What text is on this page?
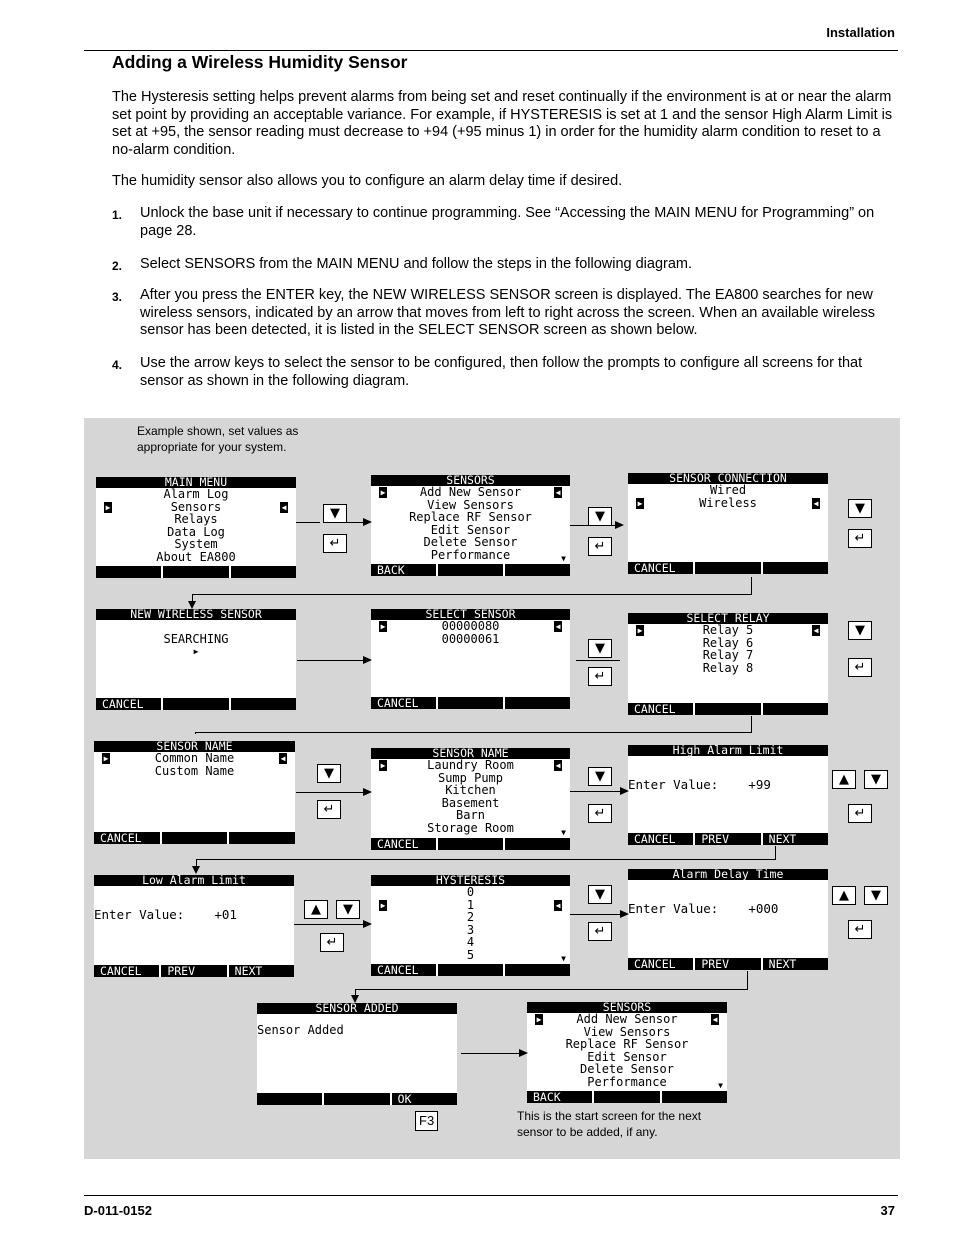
Installation
Adding a Wireless Humidity Sensor
The Hysteresis setting helps prevent alarms from being set and reset continually if the environment is at or near the alarm set point by providing an acceptable variance. For example, if HYSTERESIS is set at 1 and the sensor High Alarm Limit is set at +95, the sensor reading must decrease to +94 (+95 minus 1) in order for the humidity alarm condition to reset to a no-alarm condition.
The humidity sensor also allows you to configure an alarm delay time if desired.
1. Unlock the base unit if necessary to continue programming. See “Accessing the MAIN MENU for Programming” on page 28.
2. Select SENSORS from the MAIN MENU and follow the steps in the following diagram.
3. After you press the ENTER key, the NEW WIRELESS SENSOR screen is displayed. The EA800 searches for new wireless sensors, indicated by an arrow that moves from left to right across the screen. When an available wireless sensor has been detected, it is listed in the SELECT SENSOR screen as shown below.
4. Use the arrow keys to select the sensor to be configured, then follow the prompts to configure all screens for that sensor as shown in the following diagram.
Example shown, set values as
appropriate for your system.
This is the start screen for the next
sensor to be added, if any.
MAIN MENU
Alarm Log
Sensors
Relays
Data Log
System
About EA800
▶	◀
SENSORS
Add New Sensor
View Sensors
Replace RF Sensor
Edit Sensor
Delete Sensor
Performance
▶	◀
▼
BACK
SENSOR CONNECTION
Wired
Wireless
▶	◀
CANCEL
NEW WIRELESS SENSOR
SEARCHING
▸
CANCEL
SELECT SENSOR
00000080
00000061
▶	◀
CANCEL
SELECT RELAY
Relay 5
Relay 6
Relay 7
Relay 8
▶	◀
CANCEL
SENSOR NAME
Common Name
Custom Name
▶	◀
CANCEL
SENSOR NAME
Laundry Room
Sump Pump
Kitchen
Basement
Barn
Storage Room
▶	◀
▼
CANCEL
High Alarm Limit
Enter Value: +99
CANCEL	PREV	NEXT
Low Alarm Limit
Enter Value: +01
CANCEL	PREV	NEXT
HYSTERESIS
0
1
2
3
4
5
▶	◀
▼
CANCEL
Alarm Delay Time
Enter Value: +000
CANCEL	PREV	NEXT
SENSOR ADDED
Sensor Added
OK
SENSORS
Add New Sensor
View Sensors
Replace RF Sensor
Edit Sensor
Delete Sensor
Performance
▶	◀
▼
BACK
F3
▼
↵
▼
↵
▼
↵
▼
↵
▼
↵
▼
↵
▼
↵
▲	▼
↵
▲	▼
↵
▼
↵
▲	▼
↵
D-011-0152	37
